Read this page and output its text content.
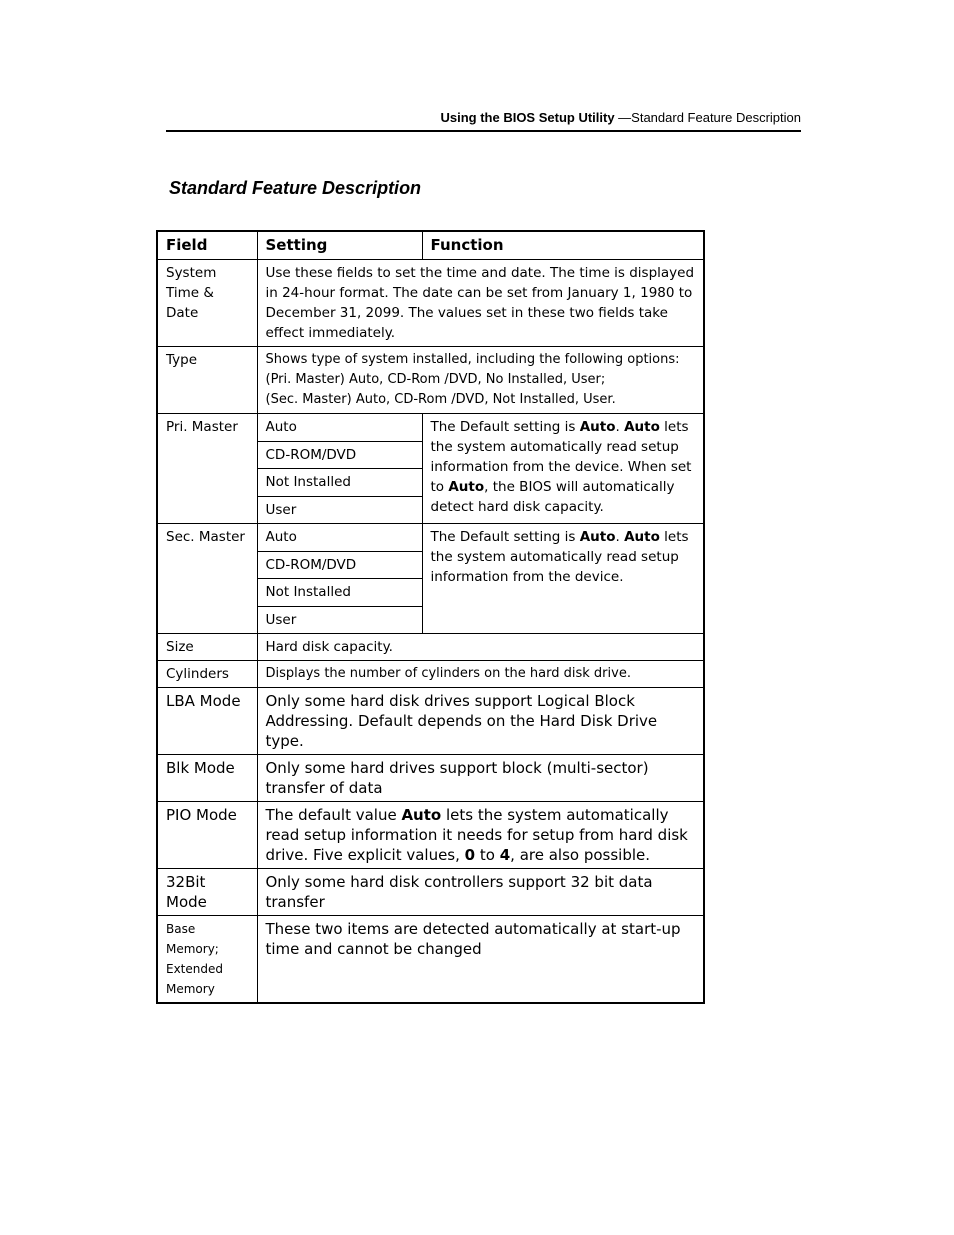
Using the BIOS Setup Utility —Standard Feature Description
Standard Feature Description
Field	Setting	Function
System Time & Date	Use these fields to set the time and date. The time is displayed in 24-hour format. The date can be set from January 1, 1980 to December 31, 2099. The values set in these two fields take effect immediately.	
Type	Shows type of system installed, including the following options:
(Pri. Master) Auto, CD-Rom /DVD, No Installed, User;
(Sec. Master) Auto, CD-Rom /DVD, Not Installed, User.	

Pri. Master	Auto	The Default setting is Auto. Auto lets the system automatically read setup information from the device. When set to Auto, the BIOS will automatically detect hard disk capacity.
	CD-ROM/DVD	
	Not Installed	
	User	
Sec. Master	Auto	The Default setting is Auto. Auto lets the system automatically read setup information from the device.
	CD-ROM/DVD	
	Not Installed	
	User	
Size	Hard disk capacity.	
Cylinders	Displays the number of cylinders on the hard disk drive.	
LBA Mode	Only some hard disk drives support Logical Block Addressing. Default depends on the Hard Disk Drive type.	
Blk Mode	Only some hard drives support block (multi-sector) transfer of data	
PIO Mode	The default value Auto lets the system automatically read setup information it needs for setup from hard disk drive. Five explicit values, 0 to 4, are also possible.	
32Bit Mode	Only some hard disk controllers support 32 bit data transfer	
Base Memory; Extended Memory	These two items are detected automatically at start-up time and cannot be changed	
